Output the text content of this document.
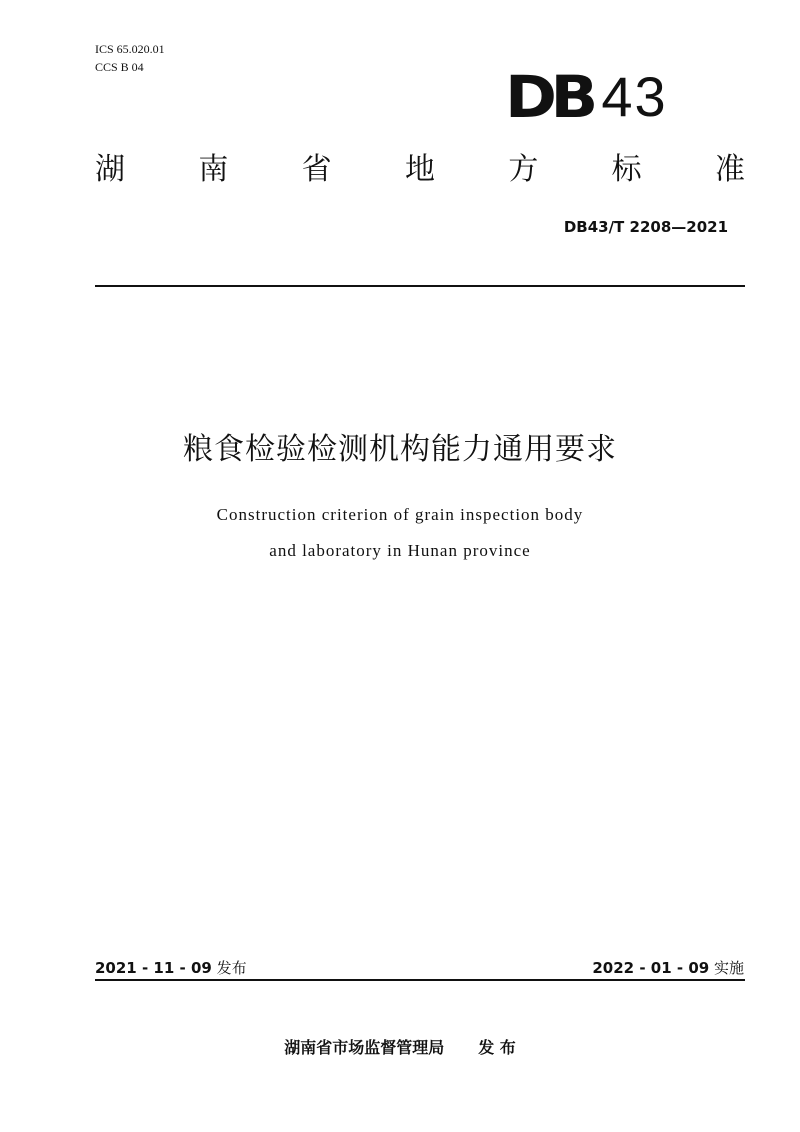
ICS 65.020.01
CCS B 04	DB 43
湖 南 省 地 方 标 准
DB43/T 2208—2021
粮食检验检测机构能力通用要求
Construction criterion of grain inspection body
and laboratory in Hunan province
2021 - 11 - 09 发布	2022 - 01 - 09 实施
湖南省市场监督管理局 发 布
